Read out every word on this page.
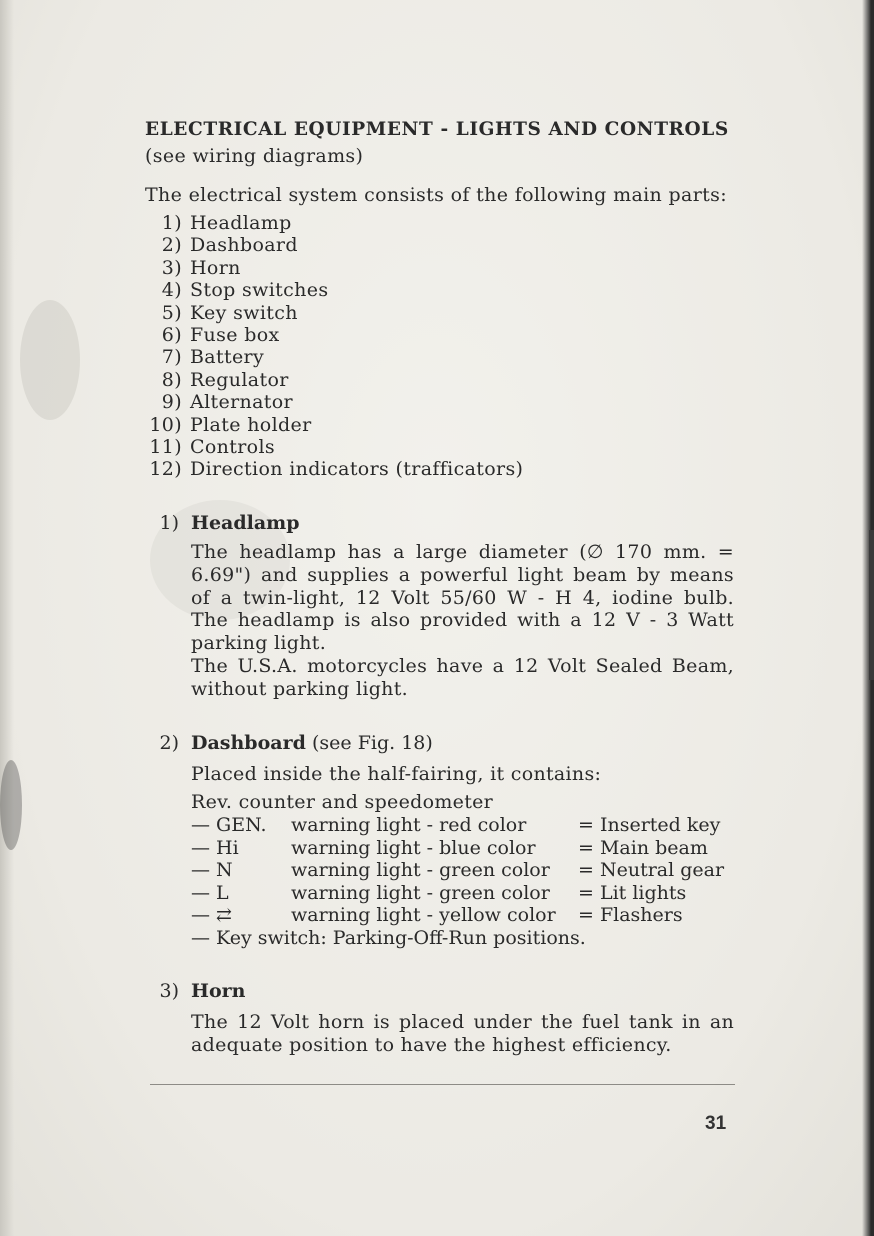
ELECTRICAL EQUIPMENT - LIGHTS AND CONTROLS
(see wiring diagrams)
The electrical system consists of the following main parts:
1) Headlamp
2) Dashboard
3) Horn
4) Stop switches
5) Key switch
6) Fuse box
7) Battery
8) Regulator
9) Alternator
10) Plate holder
11) Controls
12) Direction indicators (trafficators)
1) Headlamp
The headlamp has a large diameter (∅ 170 mm. =
6.69") and supplies a powerful light beam by means
of a twin-light, 12 Volt 55/60 W - H 4, iodine bulb.
The headlamp is also provided with a 12 V - 3 Watt
parking light.
The U.S.A. motorcycles have a 12 Volt Sealed Beam,
without parking light.
2) Dashboard (see Fig. 18)
Placed inside the half-fairing, it contains:
Rev. counter and speedometer
— GEN. warning light - red color	= Inserted key
— Hi	warning light - blue color = Main beam
— N	warning light - green color = Neutral gear
— L	warning light - green color = Lit lights
— ⇄	warning light - yellow color = Flashers
— Key switch: Parking-Off-Run positions.
3) Horn
The 12 Volt horn is placed under the fuel tank in an
adequate position to have the highest efficiency.
31
